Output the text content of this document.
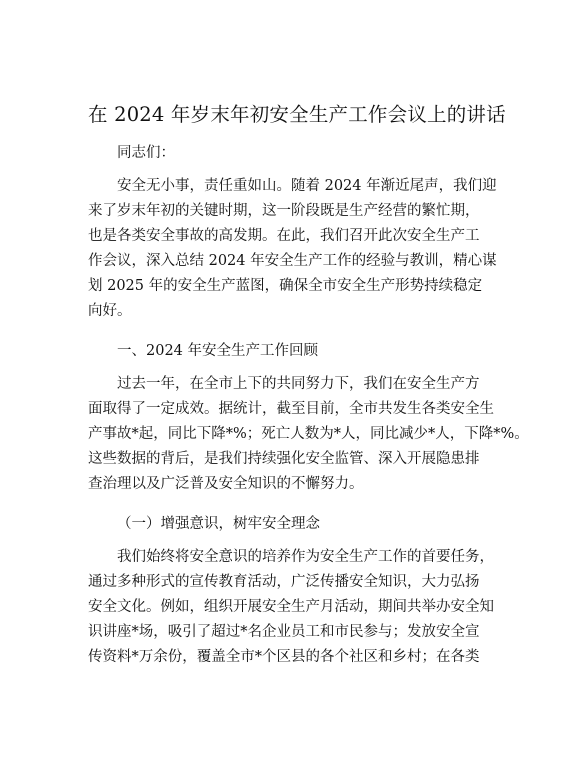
在 2024 年岁末年初安全生产工作会议上的讲话
同志们：
安全无小事，责任重如山。随着 2024 年渐近尾声，我们迎
来了岁末年初的关键时期，这一阶段既是生产经营的繁忙期，
也是各类安全事故的高发期。在此，我们召开此次安全生产工
作会议，深入总结 2024 年安全生产工作的经验与教训，精心谋
划 2025 年的安全生产蓝图，确保全市安全生产形势持续稳定
向好。
一、2024 年安全生产工作回顾
过去一年，在全市上下的共同努力下，我们在安全生产方
面取得了一定成效。据统计，截至目前，全市共发生各类安全生
产事故*起，同比下降*%；死亡人数为*人，同比减少*人，下降*%。
这些数据的背后，是我们持续强化安全监管、深入开展隐患排
查治理以及广泛普及安全知识的不懈努力。
（一）增强意识，树牢安全理念
我们始终将安全意识的培养作为安全生产工作的首要任务，
通过多种形式的宣传教育活动，广泛传播安全知识，大力弘扬
安全文化。例如，组织开展安全生产月活动，期间共举办安全知
识讲座*场，吸引了超过*名企业员工和市民参与；发放安全宣
传资料*万余份，覆盖全市*个区县的各个社区和乡村；在各类
